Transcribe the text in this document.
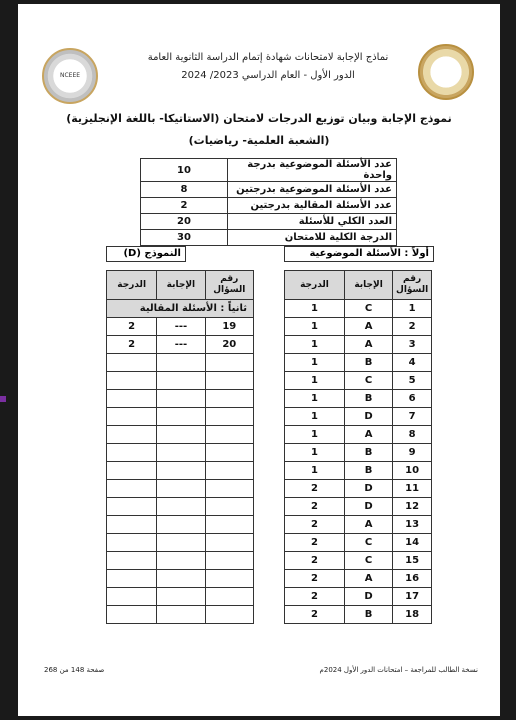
NCEEE
نماذج الإجابة لامتحانات شهادة إتمام الدراسة الثانوية العامة
الدور الأول - العام الدراسي 2023/ 2024
نموذج الإجابة وبيان توزيع الدرجات لامتحان (الاستاتيكا- باللغة الإنجليزية)
(الشعبة العلمية- رياضيات)
عدد الأسئلة الموضوعية بدرجة واحدة	10
عدد الأسئلة الموضوعية بدرجتين	8
عدد الأسئلة المقالية بدرجتين	2
العدد الكلي للأسئلة	20
الدرجة الكلية للامتحان	30
أولاً : الأسئلة الموضوعية
النموذج (D)
رقم السؤال	الإجابة	الدرجة
1	C	1
2	A	1
3	A	1
4	B	1
5	C	1
6	B	1
7	D	1
8	A	1
9	B	1
10	B	1
11	D	2
12	D	2
13	A	2
14	C	2
15	C	2
16	A	2
17	D	2
18	B	2
رقم السؤال	الإجابة	الدرجة
ثانياً : الأسئلة المقالية		
19	---	2
20	---	2

صفحة 148 من 268	نسخة الطالب للمراجعة – امتحانات الدور الأول 2024م
